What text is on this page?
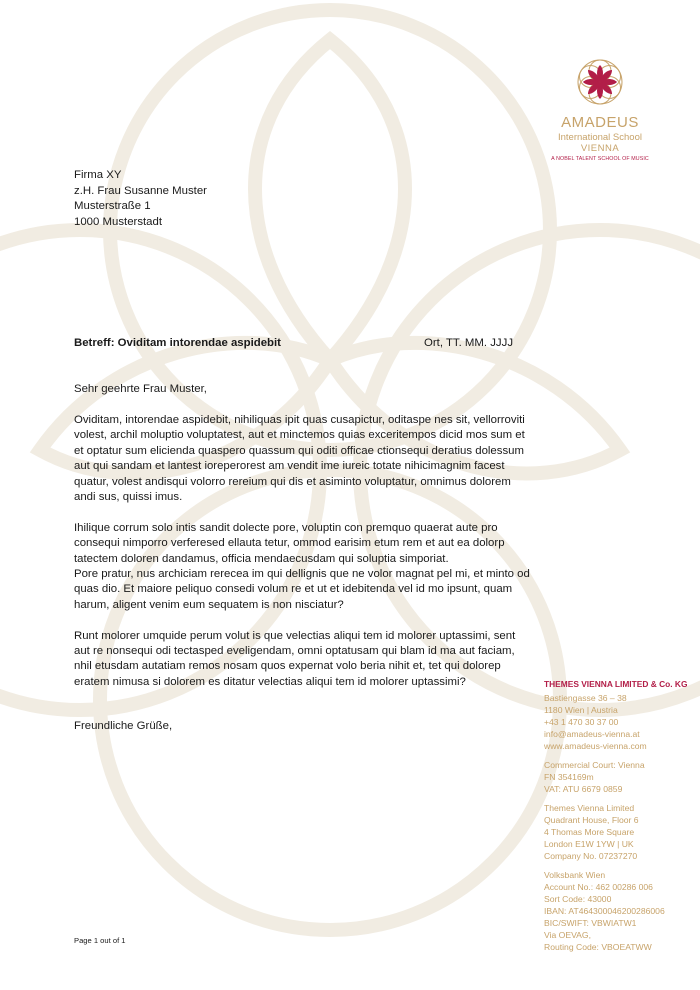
AMADEUS
International School
VIENNA
A NOBEL TALENT SCHOOL OF MUSIC
Firma XY
z.H. Frau Susanne Muster
Musterstraße 1
1000 Musterstadt
Betreff: Oviditam intorendae aspidebit	Ort, TT. MM. JJJJ
Sehr geehrte Frau Muster,

Oviditam, intorendae aspidebit, nihiliquas ipit quas cusapictur, oditaspe nes sit, vellorroviti volest, archil moluptio voluptatest, aut et minctemos quias exceritempos dicid mos sum et et optatur sum elicienda quaspero quassum qui oditi officae ctionsequi deratius dolessum aut qui sandam et lantest ioreperorest am vendit ime iureic totate nihicimagnim facest quatur, volest andisqui volorro rereium qui dis et asiminto voluptatur, omnimus dolorem andi sus, quissi imus.

Ihilique corrum solo intis sandit dolecte pore, voluptin con premquo quaerat aute pro consequi nimporro verferesed ellauta tetur, ommod earisim etum rem et aut ea dolorp tatectem doloren dandamus, officia mendaecusdam qui soluptia simporiat.
Pore pratur, nus archiciam rerecea im qui dellignis que ne volor magnat pel mi, et minto od quas dio. Et maiore peliquo consedi volum re et ut et idebitenda vel id mo ipsunt, quam harum, aligent venim eum sequatem is non nisciatur?

Runt molorer umquide perum volut is que velectias aliqui tem id molorer uptassimi, sent aut re nonsequi odi tectasped eveligendam, omni optatusam qui blam id ma aut faciam, nhil etusdam autatiam remos nosam quos expernat volo beria nihit et, tet qui dolorep eratem nimusa si dolorem es ditatur velectias aliqui tem id molorer uptassimi?

Freundliche Grüße,
Page 1 out of 1
THEMES VIENNA LIMITED & Co. KG
Bastiengasse 36 – 38
1180 Wien | Austria
+43 1 470 30 37 00
info@amadeus-vienna.at
www.amadeus-vienna.com
Commercial Court: Vienna
FN 354169m
VAT: ATU 6679 0859
Themes Vienna Limited
Quadrant House, Floor 6
4 Thomas More Square
London E1W 1YW | UK
Company No. 07237270
Volksbank Wien
Account No.: 462 00286 006
Sort Code: 43000
IBAN: AT464300046200286006
BIC/SWIFT: VBWIATW1
Via OEVAG,
Routing Code: VBOEATWW
